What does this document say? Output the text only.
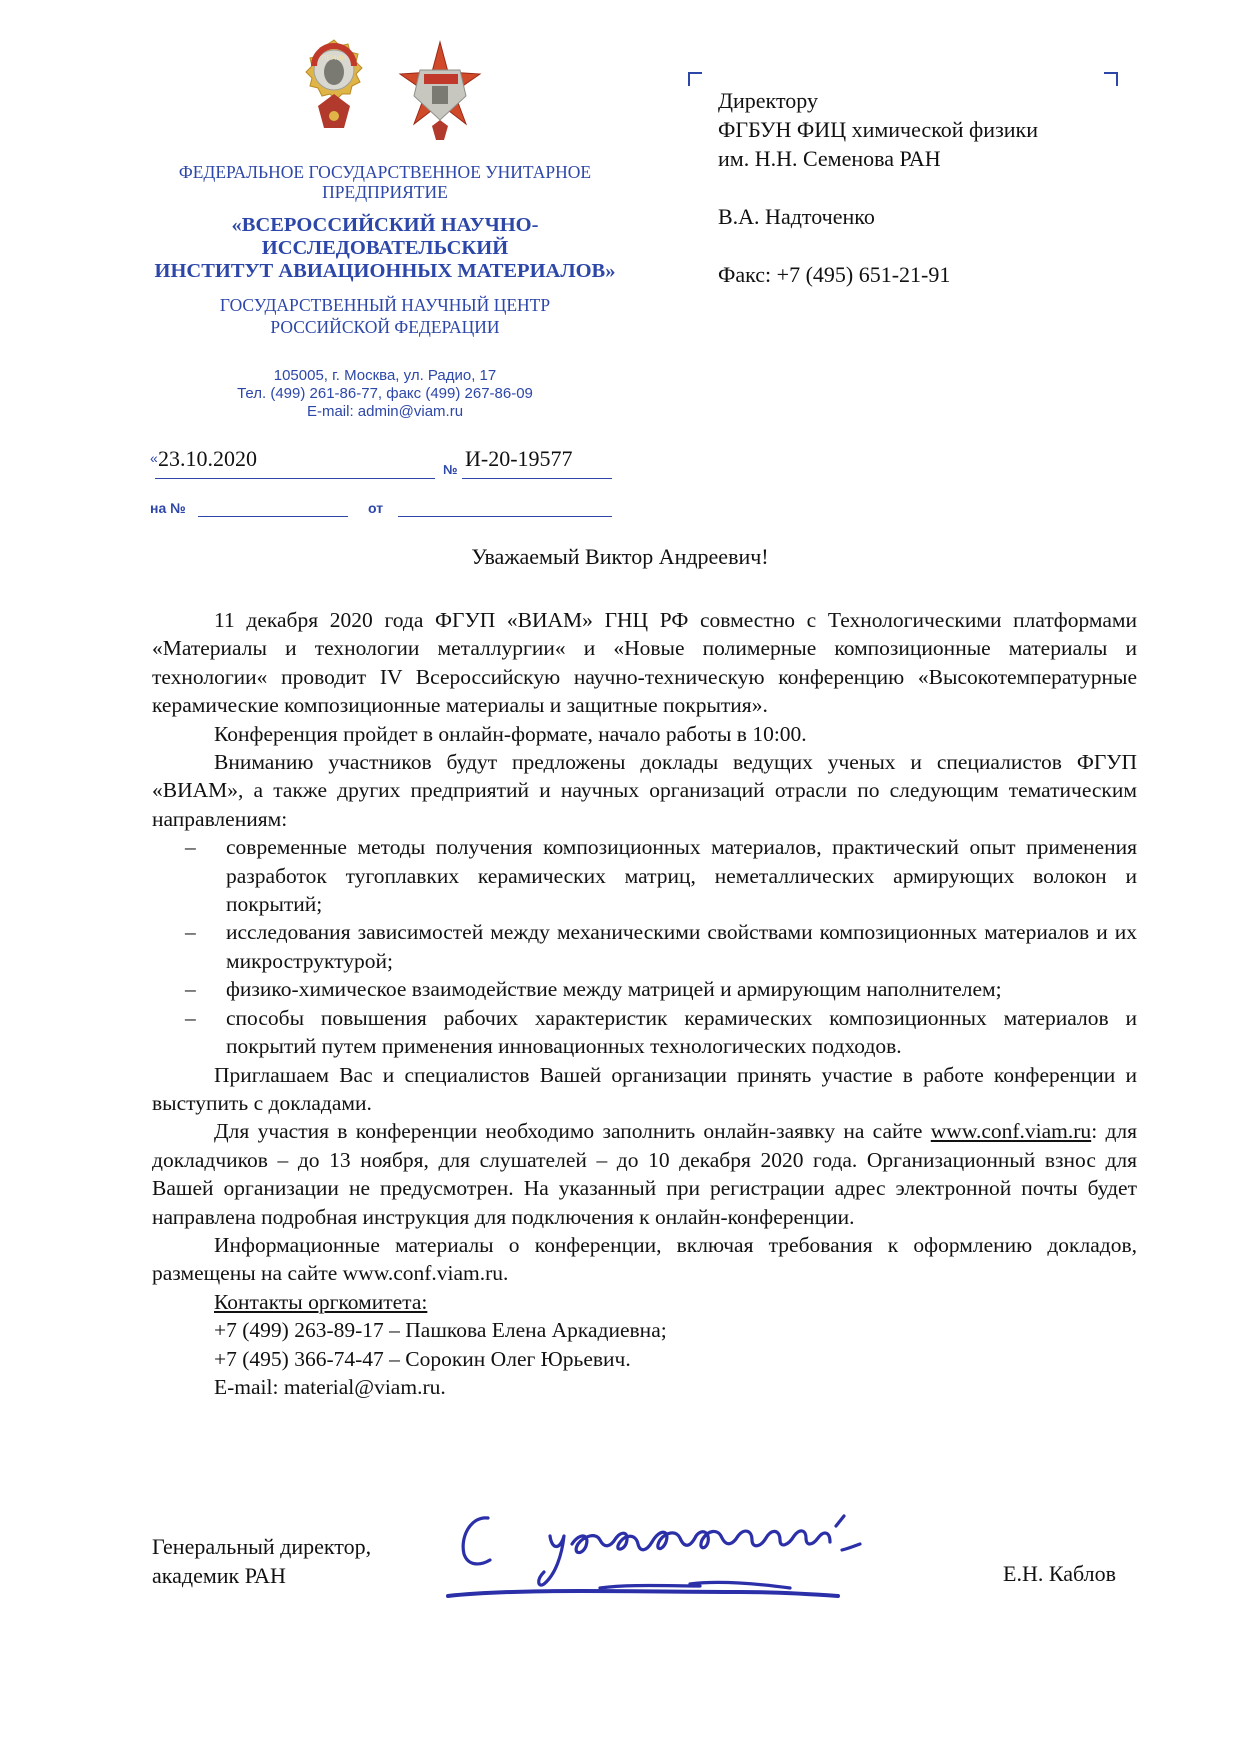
ЛЕНИН
ФЕДЕРАЛЬНОЕ ГОСУДАРСТВЕННОЕ УНИТАРНОЕ
ПРЕДПРИЯТИЕ
«ВСЕРОССИЙСКИЙ НАУЧНО-
ИССЛЕДОВАТЕЛЬСКИЙ
ИНСТИТУТ АВИАЦИОННЫХ МАТЕРИАЛОВ»
ГОСУДАРСТВЕННЫЙ НАУЧНЫЙ ЦЕНТР
РОССИЙСКОЙ ФЕДЕРАЦИИ
105005, г. Москва, ул. Радио, 17
Тел. (499) 261-86-77, факс (499) 267-86-09
E-mail: admin@viam.ru
« 23.10.2020	№ И-20-19577
на №	от
Директору
ФГБУН ФИЦ химической физики
им. Н.Н. Семенова РАН
В.А. Надточенко
Факс: +7 (495) 651-21-91
Уважаемый Виктор Андреевич!

11 декабря 2020 года ФГУП «ВИАМ» ГНЦ РФ совместно с Технологическими платформами «Материалы и технологии металлургии« и «Новые полимерные композиционные материалы и технологии« проводит IV Всероссийскую научно-техническую конференцию «Высокотемпературные керамические композиционные материалы и защитные покрытия».

Конференция пройдет в онлайн-формате, начало работы в 10:00.

Вниманию участников будут предложены доклады ведущих ученых и специалистов ФГУП «ВИАМ», а также других предприятий и научных организаций отрасли по следующим тематическим направлениям:

– современные методы получения композиционных материалов, практический опыт применения разработок тугоплавких керамических матриц, неметаллических армирующих волокон и покрытий;
– исследования зависимостей между механическими свойствами композиционных материалов и их микроструктурой;
– физико-химическое взаимодействие между матрицей и армирующим наполнителем;
– способы повышения рабочих характеристик керамических композиционных материалов и покрытий путем применения инновационных технологических подходов.

Приглашаем Вас и специалистов Вашей организации принять участие в работе конференции и выступить с докладами.

Для участия в конференции необходимо заполнить онлайн-заявку на сайте www.conf.viam.ru: для докладчиков – до 13 ноября, для слушателей – до 10 декабря 2020 года. Организационный взнос для Вашей организации не предусмотрен. На указанный при регистрации адрес электронной почты будет направлена подробная инструкция для подключения к онлайн-конференции.

Информационные материалы о конференции, включая требования к оформлению докладов, размещены на сайте www.conf.viam.ru.

Контакты оргкомитета:
+7 (499) 263-89-17 – Пашкова Елена Аркадиевна;
+7 (495) 366-74-47 – Сорокин Олег Юрьевич.
E-mail: material@viam.ru.
Генеральный директор,
академик РАН	Е.Н. Каблов
